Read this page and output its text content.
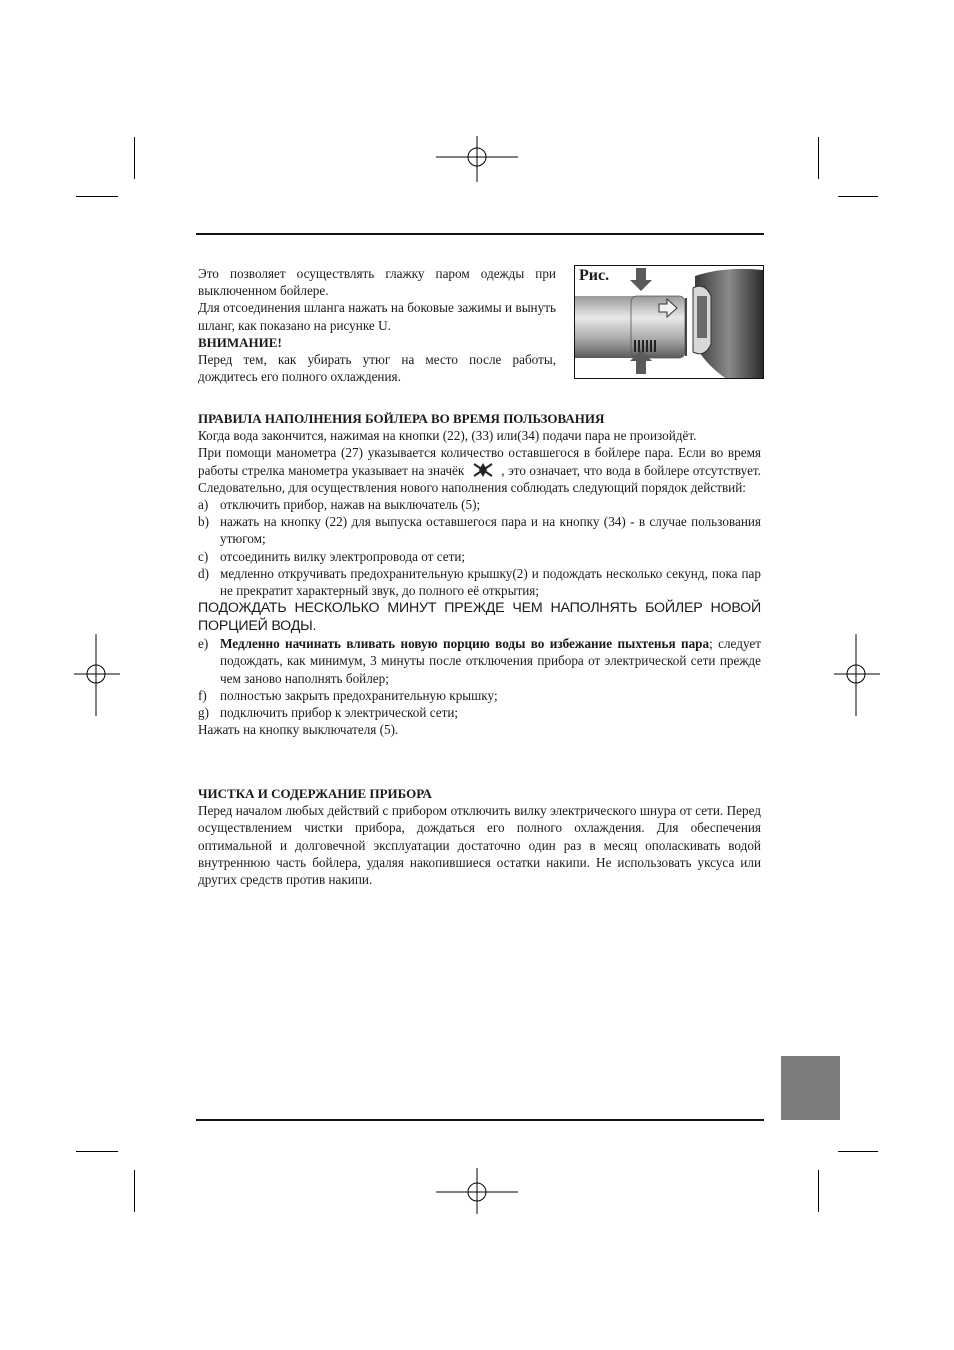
Это позволяет осуществлять глажку паром одежды при выключенном бойлере.

Для отсоединения шланга нажать на боковые зажимы и вынуть шланг, как показано на рисунке U.

ВНИМАНИЕ!

Перед тем, как убирать утюг на место после работы, дождитесь его полного охлаждения.

Рис.

ПРАВИЛА НАПОЛНЕНИЯ БОЙЛЕРА ВО ВРЕМЯ ПОЛЬЗОВАНИЯ

Когда вода закончится, нажимая на кнопки (22), (33) или(34) подачи пара не произойдёт.

При помощи манометра (27) указывается количество оставшегося в бойлере пара. Если во время работы стрелка манометра указывает на значёк	, это означает, что вода в бойлере отсутствует. Следовательно, для осуществления нового наполнения соблюдать следующий порядок действий:

a) отключить прибор, нажав на выключатель (5);
b) нажать на кнопку (22) для выпуска оставшегося пара и на кнопку (34) - в случае пользования утюгом;
c) отсоединить вилку электропровода от сети;
d) медленно откручивать предохранительную крышку(2) и подождать несколько секунд, пока пар не прекратит характерный звук, до полного её открытия;

ПОДОЖДАТЬ НЕСКОЛЬКО МИНУТ ПРЕЖДЕ ЧЕМ НАПОЛНЯТЬ БОЙЛЕР НОВОЙ ПОРЦИЕЙ ВОДЫ.

e) Медленно начинать вливать новую порцию воды во избежание пыхтенья пара; следует подождать, как минимум, 3 минуты после отключения прибора от электрической сети прежде чем заново наполнять бойлер;
f) полностью закрыть предохранительную крышку;
g) подключить прибор к электрической сети;

Нажать на кнопку выключателя (5).

ЧИСТКА И СОДЕРЖАНИЕ ПРИБОРА

Перед началом любых действий с прибором отключить вилку электрического шнура от сети. Перед осуществлением чистки прибора, дождаться его полного охлаждения. Для обеспечения оптимальной и долговечной эксплуатации достаточно один раз в месяц ополаскивать водой внутреннюю часть бойлера, удаляя накопившиеся остатки накипи. Не использовать уксуса или других средств против накипи.
